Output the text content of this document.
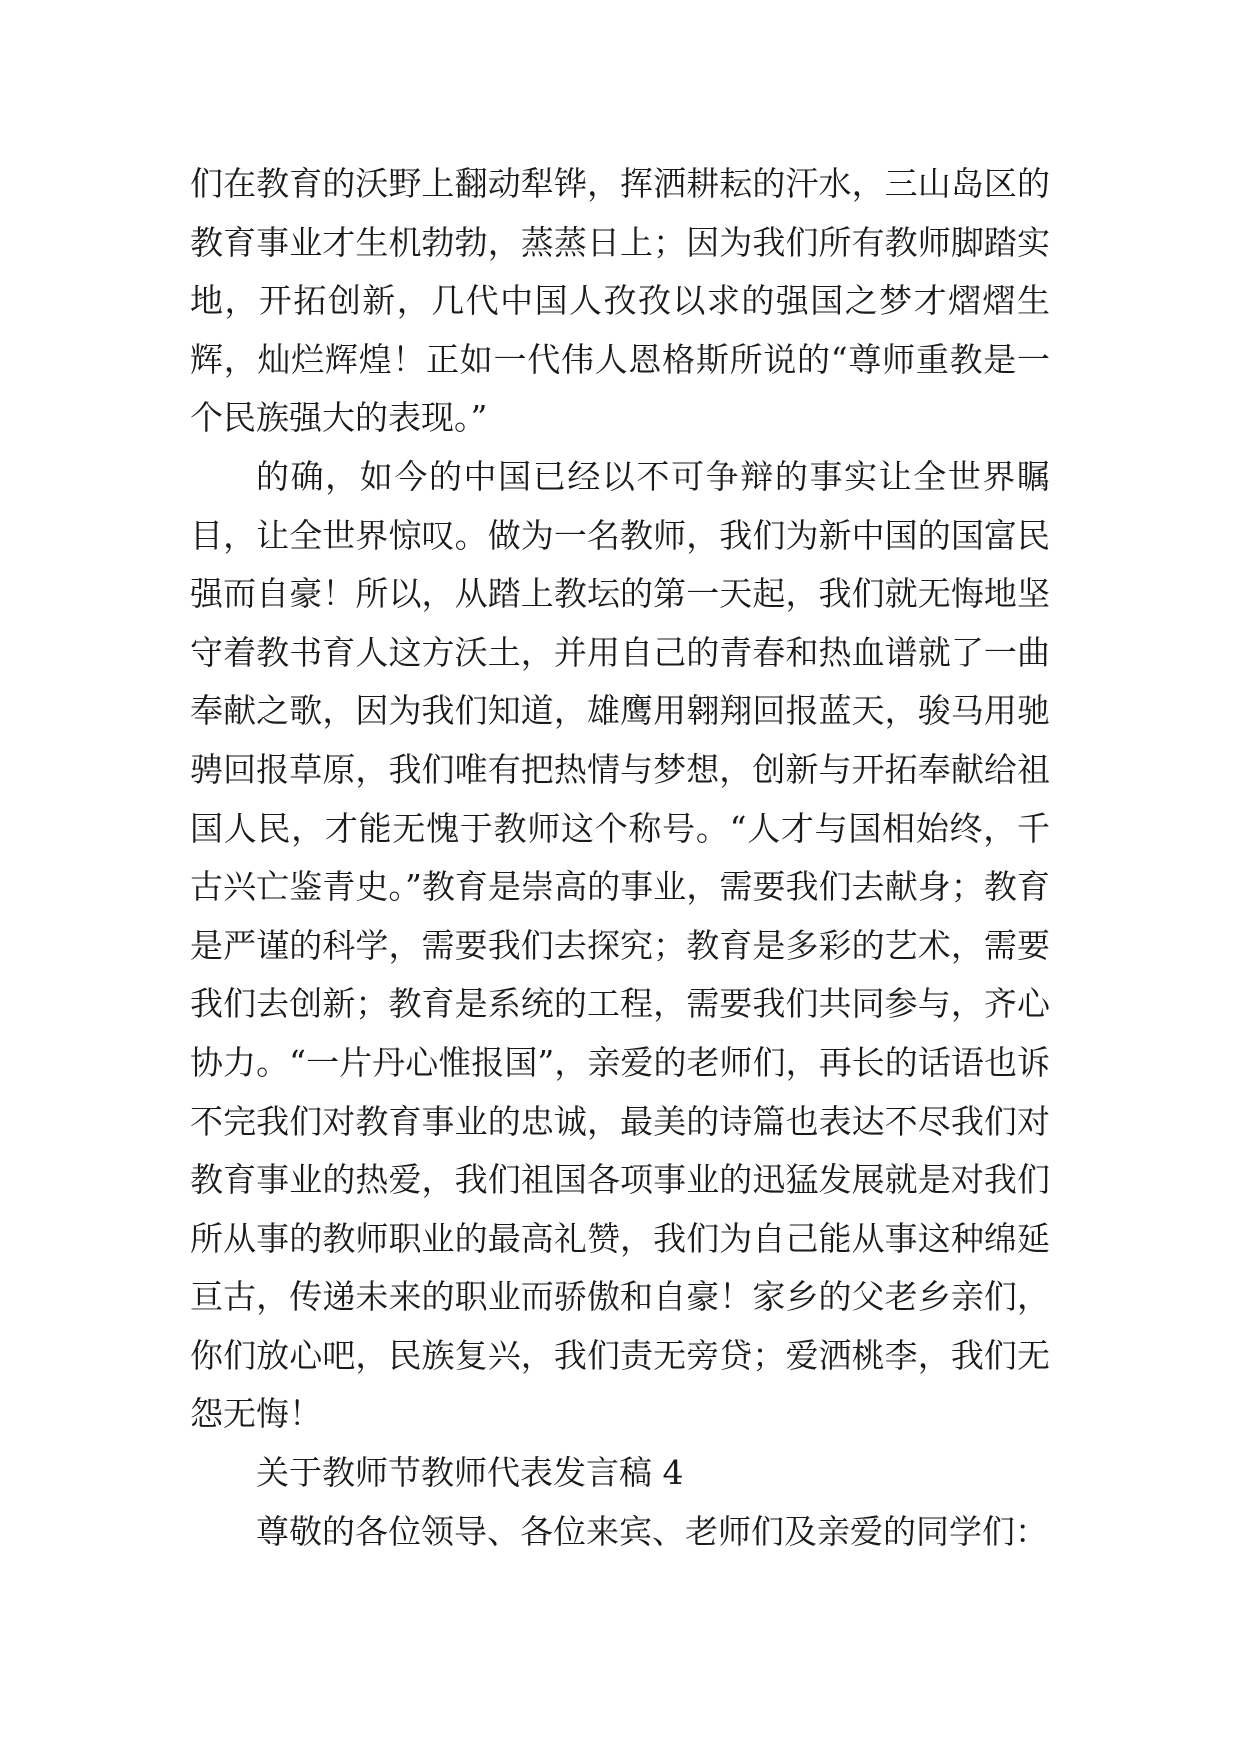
们在教育的沃野上翻动犁铧，挥洒耕耘的汗水，三山岛区的教育事业才生机勃勃，蒸蒸日上；因为我们所有教师脚踏实地，开拓创新，几代中国人孜孜以求的强国之梦才熠熠生辉，灿烂辉煌！正如一代伟人恩格斯所说的“尊师重教是一个民族强大的表现。”

的确，如今的中国已经以不可争辩的事实让全世界瞩目，让全世界惊叹。做为一名教师，我们为新中国的国富民强而自豪！所以，从踏上教坛的第一天起，我们就无悔地坚守着教书育人这方沃土，并用自己的青春和热血谱就了一曲奉献之歌，因为我们知道，雄鹰用翱翔回报蓝天，骏马用驰骋回报草原，我们唯有把热情与梦想，创新与开拓奉献给祖国人民，才能无愧于教师这个称号。“人才与国相始终，千古兴亡鉴青史。”教育是崇高的事业，需要我们去献身；教育是严谨的科学，需要我们去探究；教育是多彩的艺术，需要我们去创新；教育是系统的工程，需要我们共同参与，齐心协力。“一片丹心惟报国”，亲爱的老师们，再长的话语也诉不完我们对教育事业的忠诚，最美的诗篇也表达不尽我们对教育事业的热爱，我们祖国各项事业的迅猛发展就是对我们所从事的教师职业的最高礼赞，我们为自己能从事这种绵延亘古，传递未来的职业而骄傲和自豪！家乡的父老乡亲们，你们放心吧，民族复兴，我们责无旁贷；爱洒桃李，我们无怨无悔！

关于教师节教师代表发言稿 4

尊敬的各位领导、各位来宾、老师们及亲爱的同学们：
